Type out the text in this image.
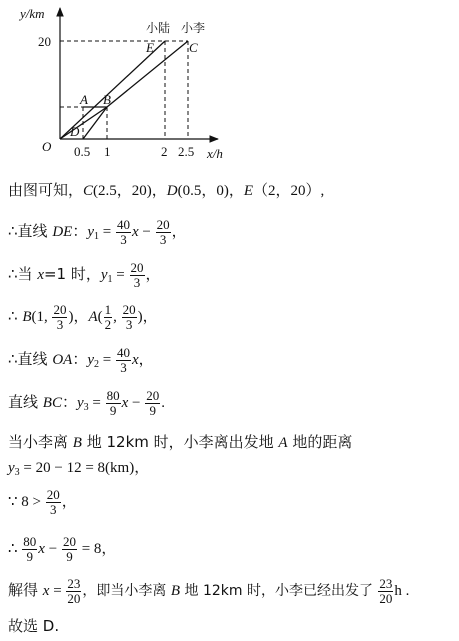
y/km
x/h
O
20
0.5 1	2 2.5
A B
D
E	C
小陆 小李
由图可知，C(2.5，20)，D(0.5，0)，E（2，20）,
∴直线 DE：$y_1 = \frac{40}{3}$ $x - \frac{20}{3}$ ，
∴当 x=1 时，$y_1 = \frac{20}{3}$ ，
∴ B(1, $\frac{20}{3}$ )，$A( \frac{1}{2}$ , $\frac{20}{3}$ )，
∴直线 OA：$y_2 = \frac{40}{3}$ x，
直线 BC：$y_3 = \frac{80}{9}$ $x - \frac{20}{9}$ .
当小李离 B 地 12km 时，小李离出发地 A 地的距离
$y_3 = 20 - 12 = 8(km)$，
∵ $8 > \frac{20}{3}$ ，
∴ $\frac{80}{9}$ $x - \frac{20}{9} = 8$，
解得 $x = \frac{23}{20}$ ，即当小李离 B 地 12km 时，小李已经出发了 $\frac{23}{20}$ h .
故选 D.
